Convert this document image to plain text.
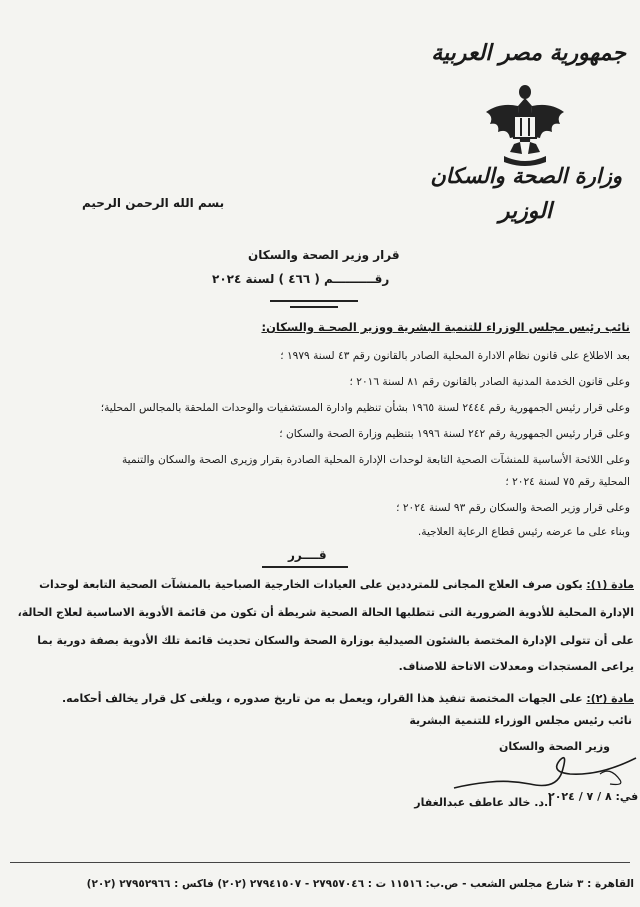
جمهورية مصر العربية
وزارة الصحة والسكان
الوزير
بسم الله الرحمن الرحيم
قرار وزير الصحة والسكان
رقــــــــــم ( ٤٦٦ ) لسنة ٢٠٢٤
نائب رئيس مجلس الوزراء للتنمية البشرية ووزير الصحـة والسكان:
بعد الاطلاع على قانون نظام الادارة المحلية الصادر بالقانون رقم ٤٣ لسنة ١٩٧٩ ؛
وعلى قانون الخدمة المدنية الصادر بالقانون رقم ٨١ لسنة ٢٠١٦ ؛
وعلى قرار رئيس الجمهورية رقم ٢٤٤٤ لسنة ١٩٦٥ بشأن تنظيم وادارة المستشفيات والوحدات الملحقة بالمجالس المحلية؛
وعلى قرار رئيس الجمهورية رقم ٢٤٢ لسنة ١٩٩٦ بتنظيم وزارة الصحة والسكان ؛
وعلى اللائحة الأساسية للمنشآت الصحية التابعة لوحدات الإدارة المحلية الصادرة بقرار وزيرى الصحة والسكان والتنمية
المحلية رقم ٧٥ لسنة ٢٠٢٤ ؛
وعلى قرار وزير الصحة والسكان رقم ٩٣ لسنة ٢٠٢٤ ؛
وبناء على ما عرضه رئيس قطاع الرعاية العلاجية.
قــــرر
مادة (١): يكون صرف العلاج المجانى للمترددين على العيادات الخارجية الصباحية بالمنشآت الصحية التابعة لوحدات
الإدارة المحلية للأدوية الضرورية التى تتطلبها الحالة الصحية شريطة أن تكون من قائمة الأدوية الاساسية لعلاج الحالة،
على أن تتولى الإدارة المختصة بالشئون الصيدلية بوزارة الصحة والسكان تحديث قائمة تلك الأدوية بصفة دورية بما
يراعى المستجدات ومعدلات الاتاحة للاصناف.
مادة (٢): على الجهات المختصة تنفيذ هذا القرار، ويعمل به من تاريخ صدوره ، ويلغى كل قرار يخالف أحكامه.
نائب رئيس مجلس الوزراء للتنمية البشرية
وزير الصحة والسكان
أ.د. خالد عاطف عبدالغفار
في: ٨ / ٧ / ٢٠٢٤
القاهرة : ٣ شارع مجلس الشعب - ص.ب: ١١٥١٦ ت : ٢٧٩٥٧٠٤٦ - ٢٧٩٤١٥٠٧ (٢٠٢) فاكس : ٢٧٩٥٢٩٦٦ (٢٠٢)
